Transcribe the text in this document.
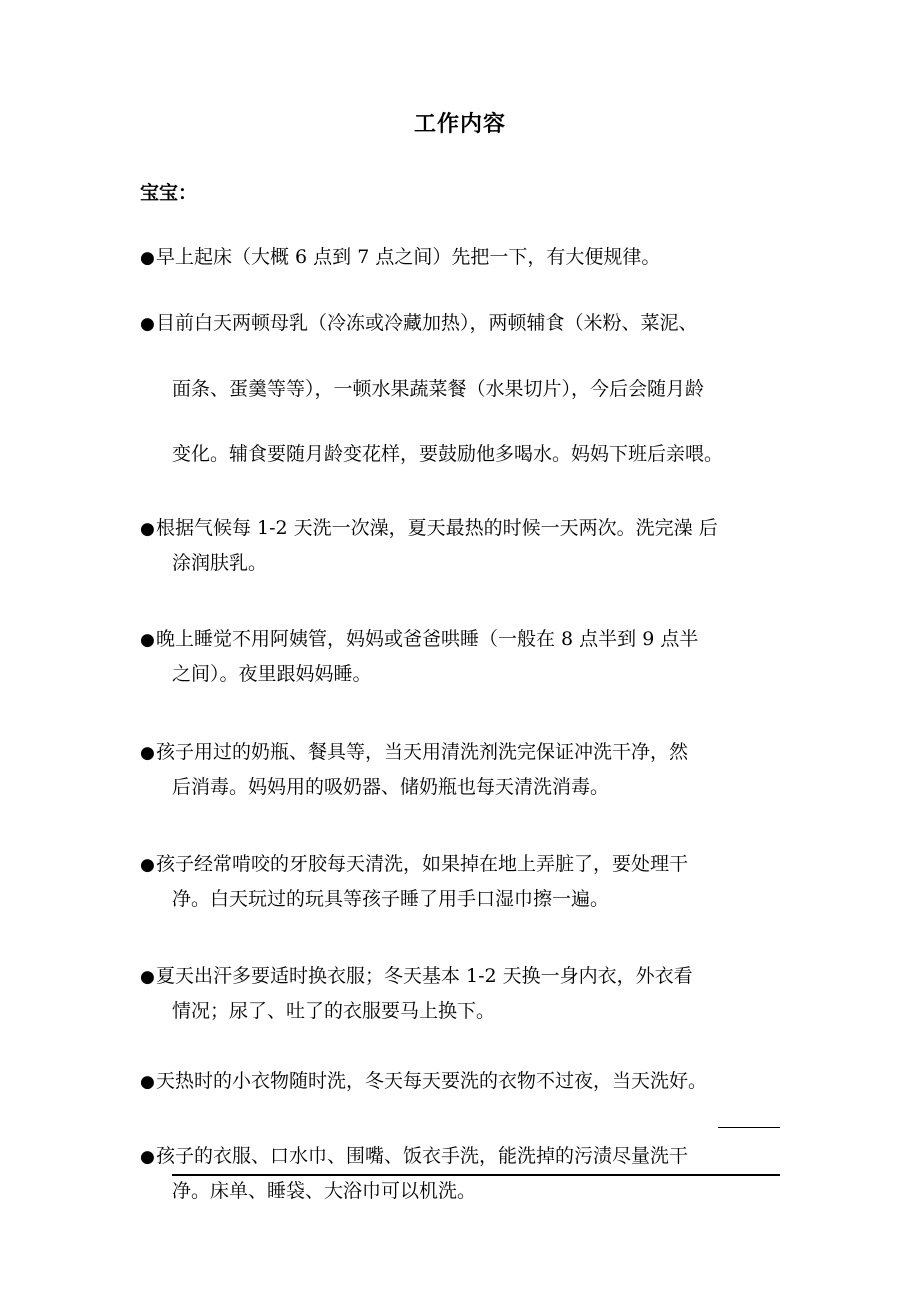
工作内容
宝宝：
●早上起床（大概 6 点到 7 点之间）先把一下，有大便规律。
●目前白天两顿母乳（冷冻或冷藏加热），两顿辅食（米粉、菜泥、
面条、蛋羹等等），一顿水果蔬菜餐（水果切片），今后会随月龄
变化。辅食要随月龄变花样，要鼓励他多喝水。妈妈下班后亲喂。
●根据气候每 1-2 天洗一次澡，夏天最热的时候一天两次。洗完澡 后
涂润肤乳。
●晚上睡觉不用阿姨管，妈妈或爸爸哄睡（一般在 8 点半到 9 点半
之间）。夜里跟妈妈睡。
●孩子用过的奶瓶、餐具等，当天用清洗剂洗完保证冲洗干净，然
后消毒。妈妈用的吸奶器、储奶瓶也每天清洗消毒。
●孩子经常啃咬的牙胶每天清洗，如果掉在地上弄脏了，要处理干
净。白天玩过的玩具等孩子睡了用手口湿巾擦一遍。
●夏天出汗多要适时换衣服；冬天基本 1-2 天换一身内衣，外衣看
情况；尿了、吐了的衣服要马上换下。
●天热时的小衣物随时洗，冬天每天要洗的衣物不过夜，当天洗好。
●孩子的衣服、口水巾、围嘴、饭衣手洗，能洗掉的污渍尽量洗干
净。床单、睡袋、大浴巾可以机洗。
